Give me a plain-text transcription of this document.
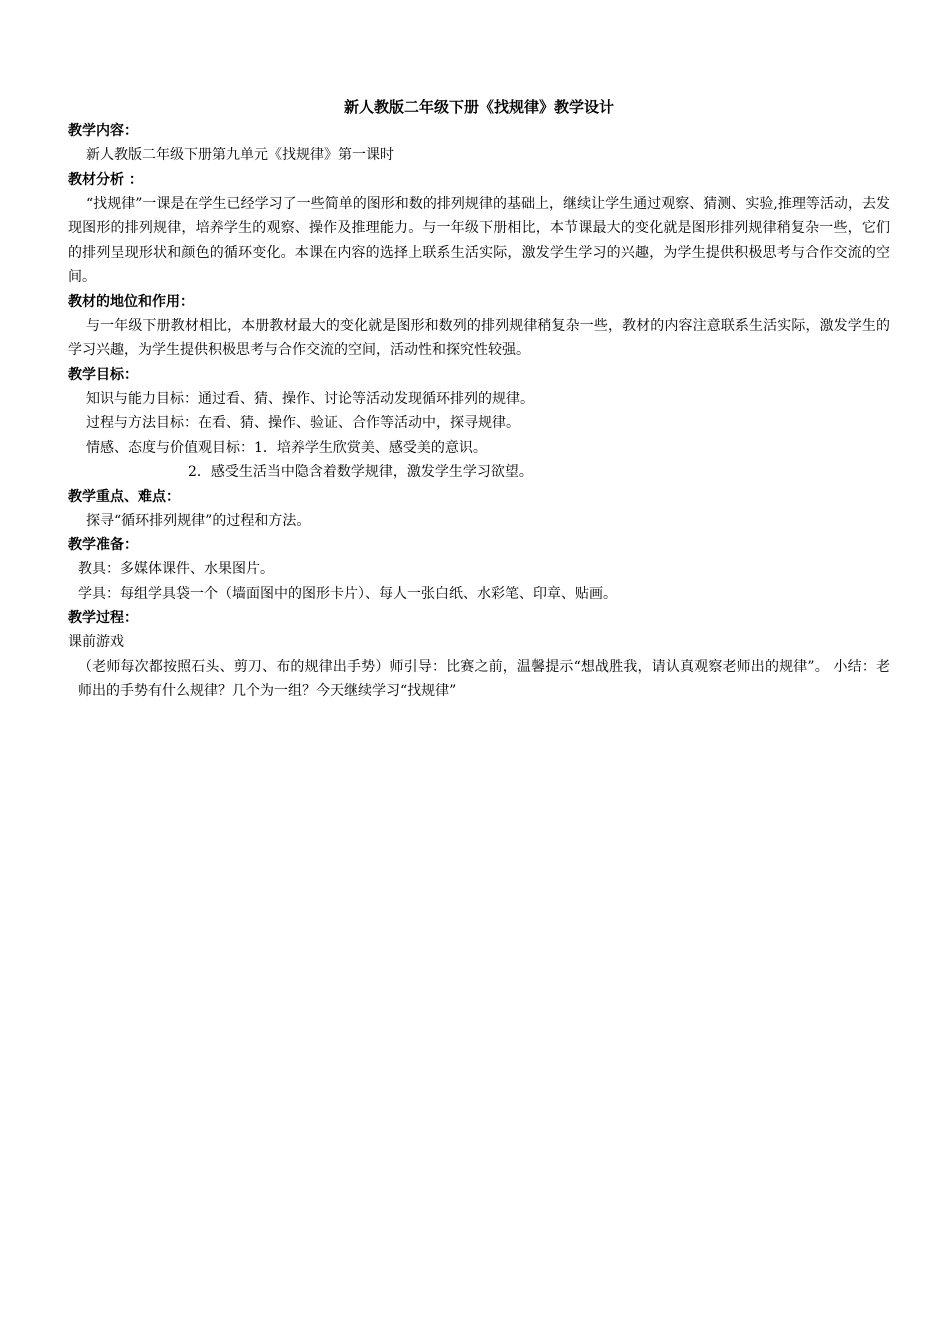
新人教版二年级下册《找规律》教学设计

教学内容：

新人教版二年级下册第九单元《找规律》第一课时

教材分析 ：

“找规律”一课是在学生已经学习了一些简单的图形和数的排列规律的基础上，继续让学生通过观察、猜测、实验,推理等活动，去发现图形的排列规律，培养学生的观察、操作及推理能力。与一年级下册相比，本节课最大的变化就是图形排列规律稍复杂一些，它们的排列呈现形状和颜色的循环变化。本课在内容的选择上联系生活实际，激发学生学习的兴趣，为学生提供积极思考与合作交流的空间。

教材的地位和作用：

与一年级下册教材相比，本册教材最大的变化就是图形和数列的排列规律稍复杂一些，教材的内容注意联系生活实际，激发学生的学习兴趣，为学生提供积极思考与合作交流的空间，活动性和探究性较强。

教学目标：

知识与能力目标：通过看、猜、操作、讨论等活动发现循环排列的规律。

过程与方法目标：在看、猜、操作、验证、合作等活动中，探寻规律。

情感、态度与价值观目标：1．培养学生欣赏美、感受美的意识。

2．感受生活当中隐含着数学规律，激发学生学习欲望。

教学重点、难点：

探寻“循环排列规律”的过程和方法。

教学准备：

教具：多媒体课件、水果图片。

学具：每组学具袋一个（墙面图中的图形卡片）、每人一张白纸、水彩笔、印章、贴画。

教学过程：

课前游戏

（老师每次都按照石头、剪刀、布的规律出手势）师引导：比赛之前，温馨提示“想战胜我，请认真观察老师出的规律”。 小结：老师出的手势有什么规律？几个为一组？今天继续学习“找规律”
